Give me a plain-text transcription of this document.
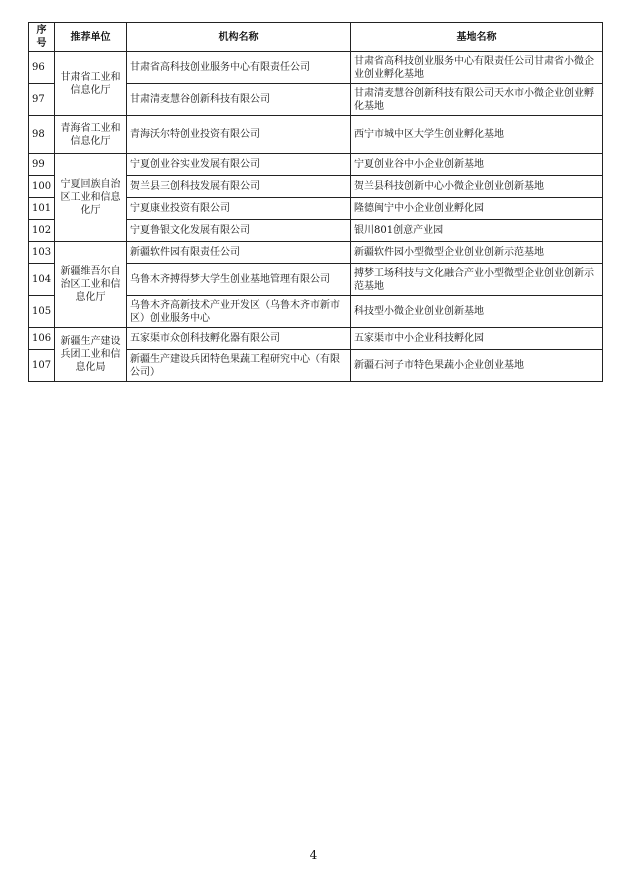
序号	推荐单位	机构名称	基地名称
96	甘肃省工业和信息化厅	甘肃省高科技创业服务中心有限责任公司	甘肃省高科技创业服务中心有限责任公司甘肃省小微企业创业孵化基地
97		甘肃清麦慧谷创新科技有限公司	甘肃清麦慧谷创新科技有限公司天水市小微企业创业孵化基地
98	青海省工业和信息化厅	青海沃尔特创业投资有限公司	西宁市城中区大学生创业孵化基地
99	宁夏回族自治区工业和信息化厅	宁夏创业谷实业发展有限公司	宁夏创业谷中小企业创新基地
100		贺兰县三创科技发展有限公司	贺兰县科技创新中心小微企业创业创新基地
101		宁夏康业投资有限公司	隆德闽宁中小企业创业孵化园
102		宁夏鲁银文化发展有限公司	银川801创意产业园
103	新疆维吾尔自治区工业和信息化厅	新疆软件园有限责任公司	新疆软件园小型微型企业创业创新示范基地
104		乌鲁木齐搏得梦大学生创业基地管理有限公司	搏梦工场科技与文化融合产业小型微型企业创业创新示范基地
105		乌鲁木齐高新技术产业开发区（乌鲁木齐市新市区）创业服务中心	科技型小微企业创业创新基地
106	新疆生产建设兵团工业和信息化局	五家渠市众创科技孵化器有限公司	五家渠市中小企业科技孵化园
107		新疆生产建设兵团特色果蔬工程研究中心（有限公司）	新疆石河子市特色果蔬小企业创业基地
4
